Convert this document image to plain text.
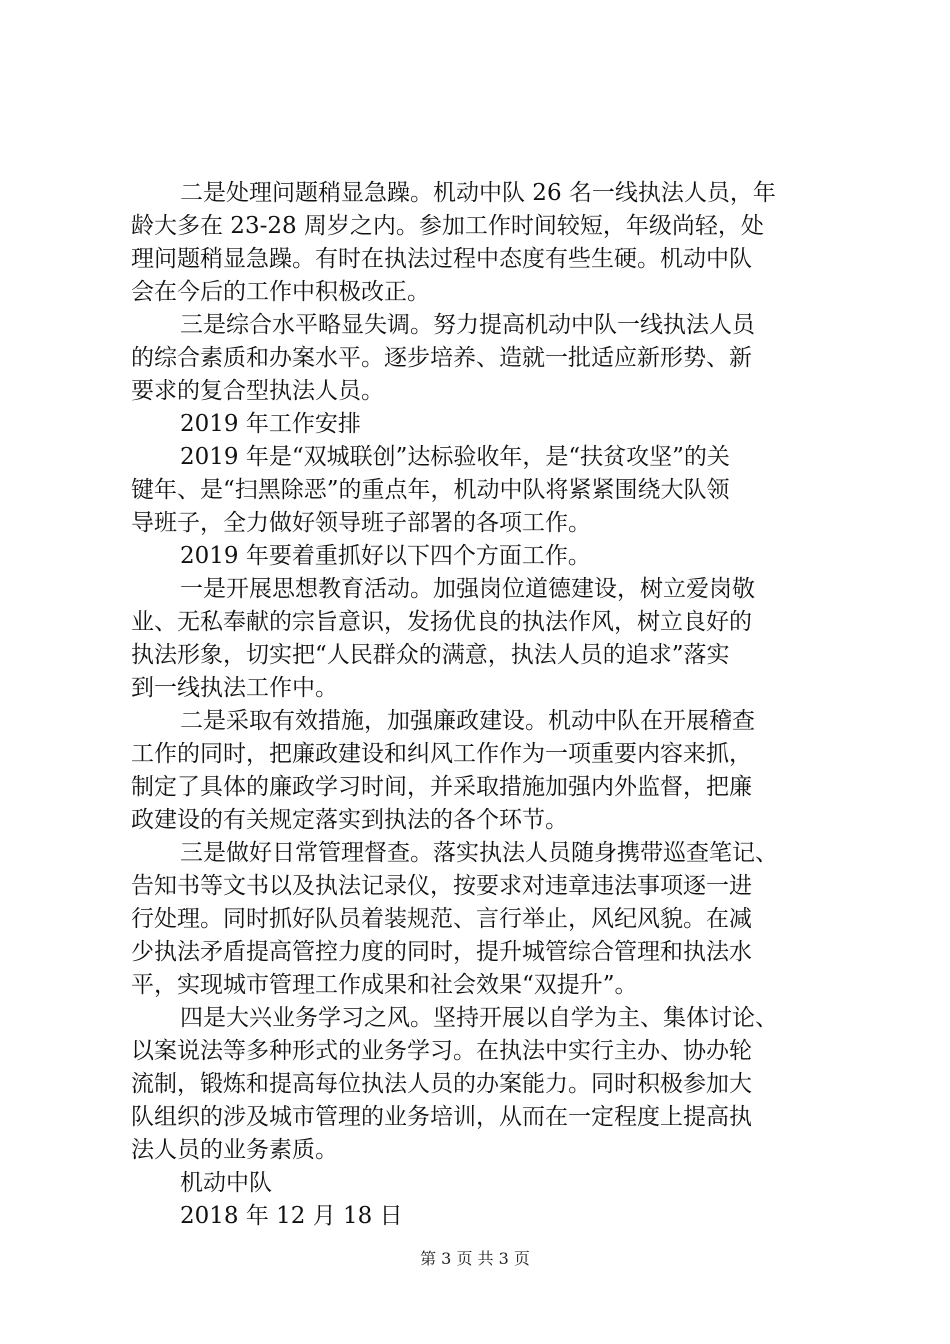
二是处理问题稍显急躁。机动中队 26 名一线执法人员，年
龄大多在 23-28 周岁之内。参加工作时间较短，年级尚轻，处
理问题稍显急躁。有时在执法过程中态度有些生硬。机动中队
会在今后的工作中积极改正。
三是综合水平略显失调。努力提高机动中队一线执法人员
的综合素质和办案水平。逐步培养、造就一批适应新形势、新
要求的复合型执法人员。
2019 年工作安排
2019 年是“双城联创”达标验收年，是“扶贫攻坚”的关
键年、是“扫黑除恶”的重点年，机动中队将紧紧围绕大队领
导班子，全力做好领导班子部署的各项工作。
2019 年要着重抓好以下四个方面工作。
一是开展思想教育活动。加强岗位道德建设，树立爱岗敬
业、无私奉献的宗旨意识，发扬优良的执法作风，树立良好的
执法形象，切实把“人民群众的满意，执法人员的追求”落实
到一线执法工作中。
二是采取有效措施，加强廉政建设。机动中队在开展稽查
工作的同时，把廉政建设和纠风工作作为一项重要内容来抓，
制定了具体的廉政学习时间，并采取措施加强内外监督，把廉
政建设的有关规定落实到执法的各个环节。
三是做好日常管理督查。落实执法人员随身携带巡查笔记、
告知书等文书以及执法记录仪，按要求对违章违法事项逐一进
行处理。同时抓好队员着装规范、言行举止，风纪风貌。在减
少执法矛盾提高管控力度的同时，提升城管综合管理和执法水
平，实现城市管理工作成果和社会效果“双提升”。
四是大兴业务学习之风。坚持开展以自学为主、集体讨论、
以案说法等多种形式的业务学习。在执法中实行主办、协办轮
流制，锻炼和提高每位执法人员的办案能力。同时积极参加大
队组织的涉及城市管理的业务培训，从而在一定程度上提高执
法人员的业务素质。
机动中队
2018 年 12 月 18 日
第 3 页 共 3 页
